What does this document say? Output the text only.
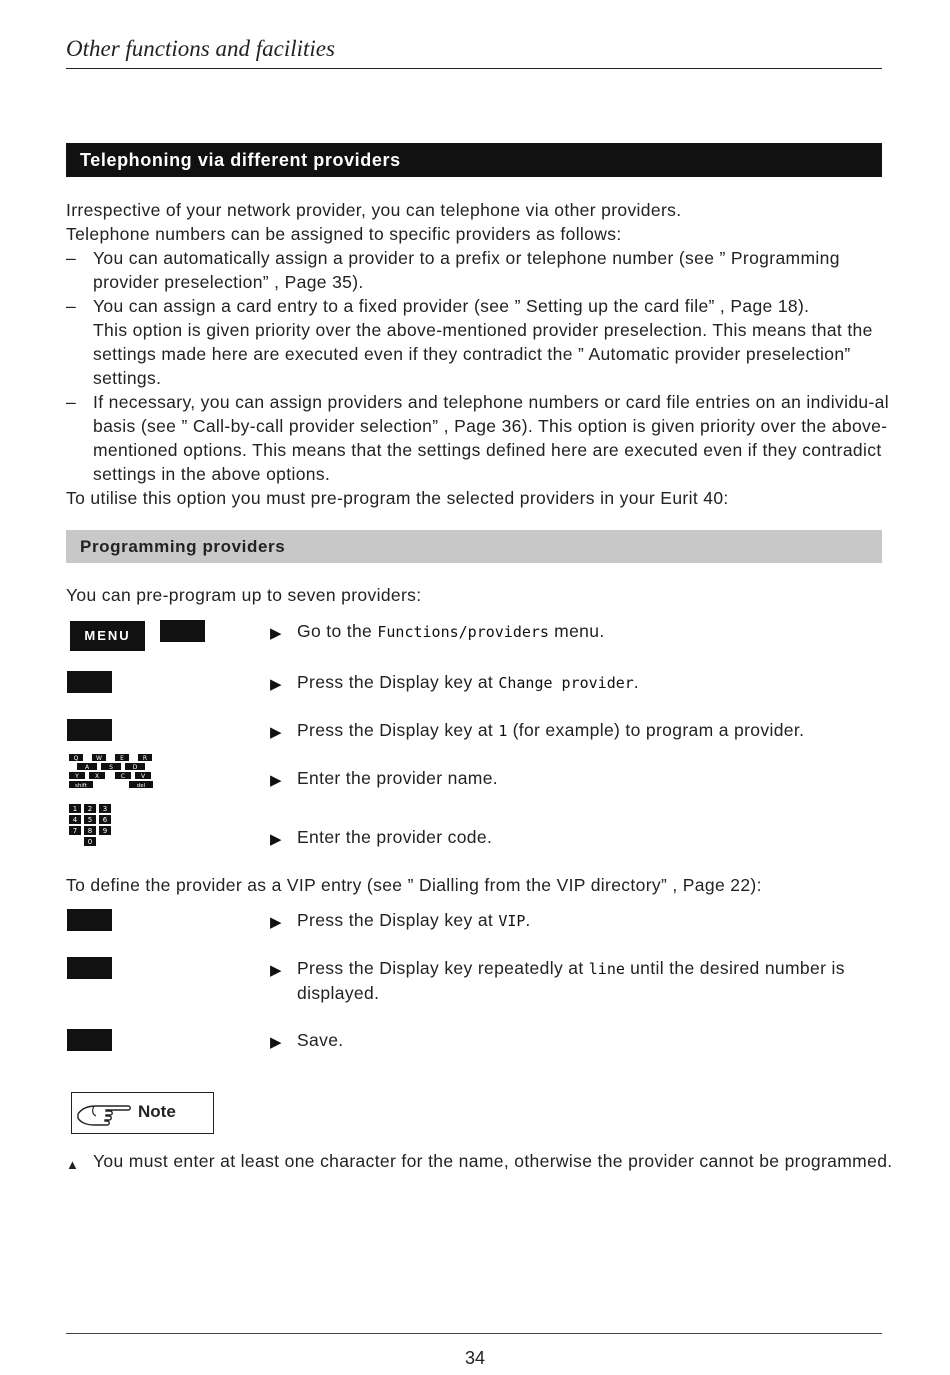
Other functions and facilities
Telephoning via different providers

Irrespective of your network provider, you can telephone via other providers.

Telephone numbers can be assigned to specific providers as follows:

– You can automatically assign a provider to a prefix or telephone number (see ” Programming provider preselection” , Page 35).

– You can assign a card entry to a fixed provider (see ” Setting up the card file” , Page 18).

This option is given priority over the above-mentioned provider preselection. This means that the settings made here are executed even if they contradict the ” Automatic provider preselection” settings.

– If necessary, you can assign providers and telephone numbers or card file entries on an individu-al basis (see ” Call-by-call provider selection” , Page 36). This option is given priority over the above-mentioned options. This means that the settings defined here are executed even if they contradict settings in the above options.

To utilise this option you must pre-program the selected providers in your Eurit 40:

Programming providers
You can pre-program up to seven providers:
MENU	▶ Go to the Functions/providers menu.
▶ Press the Display key at Change provider.
▶ Press the Display key at 1 (for example) to program a provider.
Q	W	E	R
A	S	D
Y	X	C	V
shift	del	▶ Enter the provider name.
1 2 3
4 5 6
7 8 9
0	▶ Enter the provider code.
To define the provider as a VIP entry (see ” Dialling from the VIP directory” , Page 22):
▶ Press the Display key at VIP.
▶ Press the Display key repeatedly at line until the desired number is displayed.
▶ Save.
Note
▲ You must enter at least one character for the name, otherwise the provider cannot be programmed.
34
